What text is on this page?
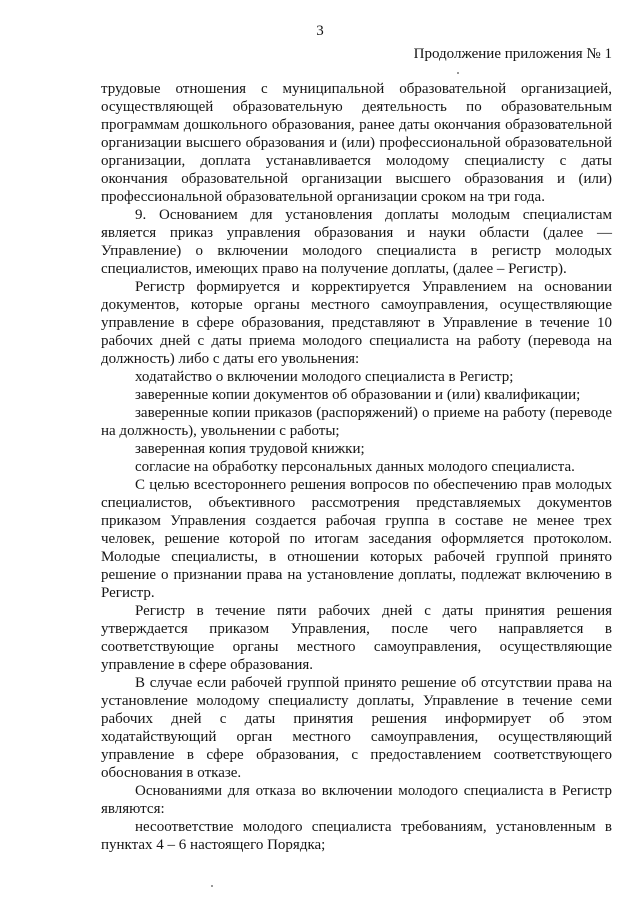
3
Продолжение приложения № 1

трудовые отношения с муниципальной образовательной организацией, осуществляющей образовательную деятельность по образовательным программам дошкольного образования, ранее даты окончания образовательной организации высшего образования и (или) профессиональной образовательной организации, доплата устанавливается молодому специалисту с даты окончания образовательной организации высшего образования и (или) профессиональной образовательной организации сроком на три года.

9. Основанием для установления доплаты молодым специалистам является приказ управления образования и науки области (далее — Управление) о включении молодого специалиста в регистр молодых специалистов, имеющих право на получение доплаты, (далее – Регистр).

Регистр формируется и корректируется Управлением на основании документов, которые органы местного самоуправления, осуществляющие управление в сфере образования, представляют в Управление в течение 10 рабочих дней с даты приема молодого специалиста на работу (перевода на должность) либо с даты его увольнения:

ходатайство о включении молодого специалиста в Регистр;

заверенные копии документов об образовании и (или) квалификации;

заверенные копии приказов (распоряжений) о приеме на работу (переводе на должность), увольнении с работы;

заверенная копия трудовой книжки;

согласие на обработку персональных данных молодого специалиста.

С целью всестороннего решения вопросов по обеспечению прав молодых специалистов, объективного рассмотрения представляемых документов приказом Управления создается рабочая группа в составе не менее трех человек, решение которой по итогам заседания оформляется протоколом. Молодые специалисты, в отношении которых рабочей группой принято решение о признании права на установление доплаты, подлежат включению в Регистр.

Регистр в течение пяти рабочих дней с даты принятия решения утверждается приказом Управления, после чего направляется в соответствующие органы местного самоуправления, осуществляющие управление в сфере образования.

В случае если рабочей группой принято решение об отсутствии права на установление молодому специалисту доплаты, Управление в течение семи рабочих дней с даты принятия решения информирует об этом ходатайствующий орган местного самоуправления, осуществляющий управление в сфере образования, с предоставлением соответствующего обоснования в отказе.

Основаниями для отказа во включении молодого специалиста в Регистр являются:

несоответствие молодого специалиста требованиям, установленным в пунктах 4 – 6 настоящего Порядка;
